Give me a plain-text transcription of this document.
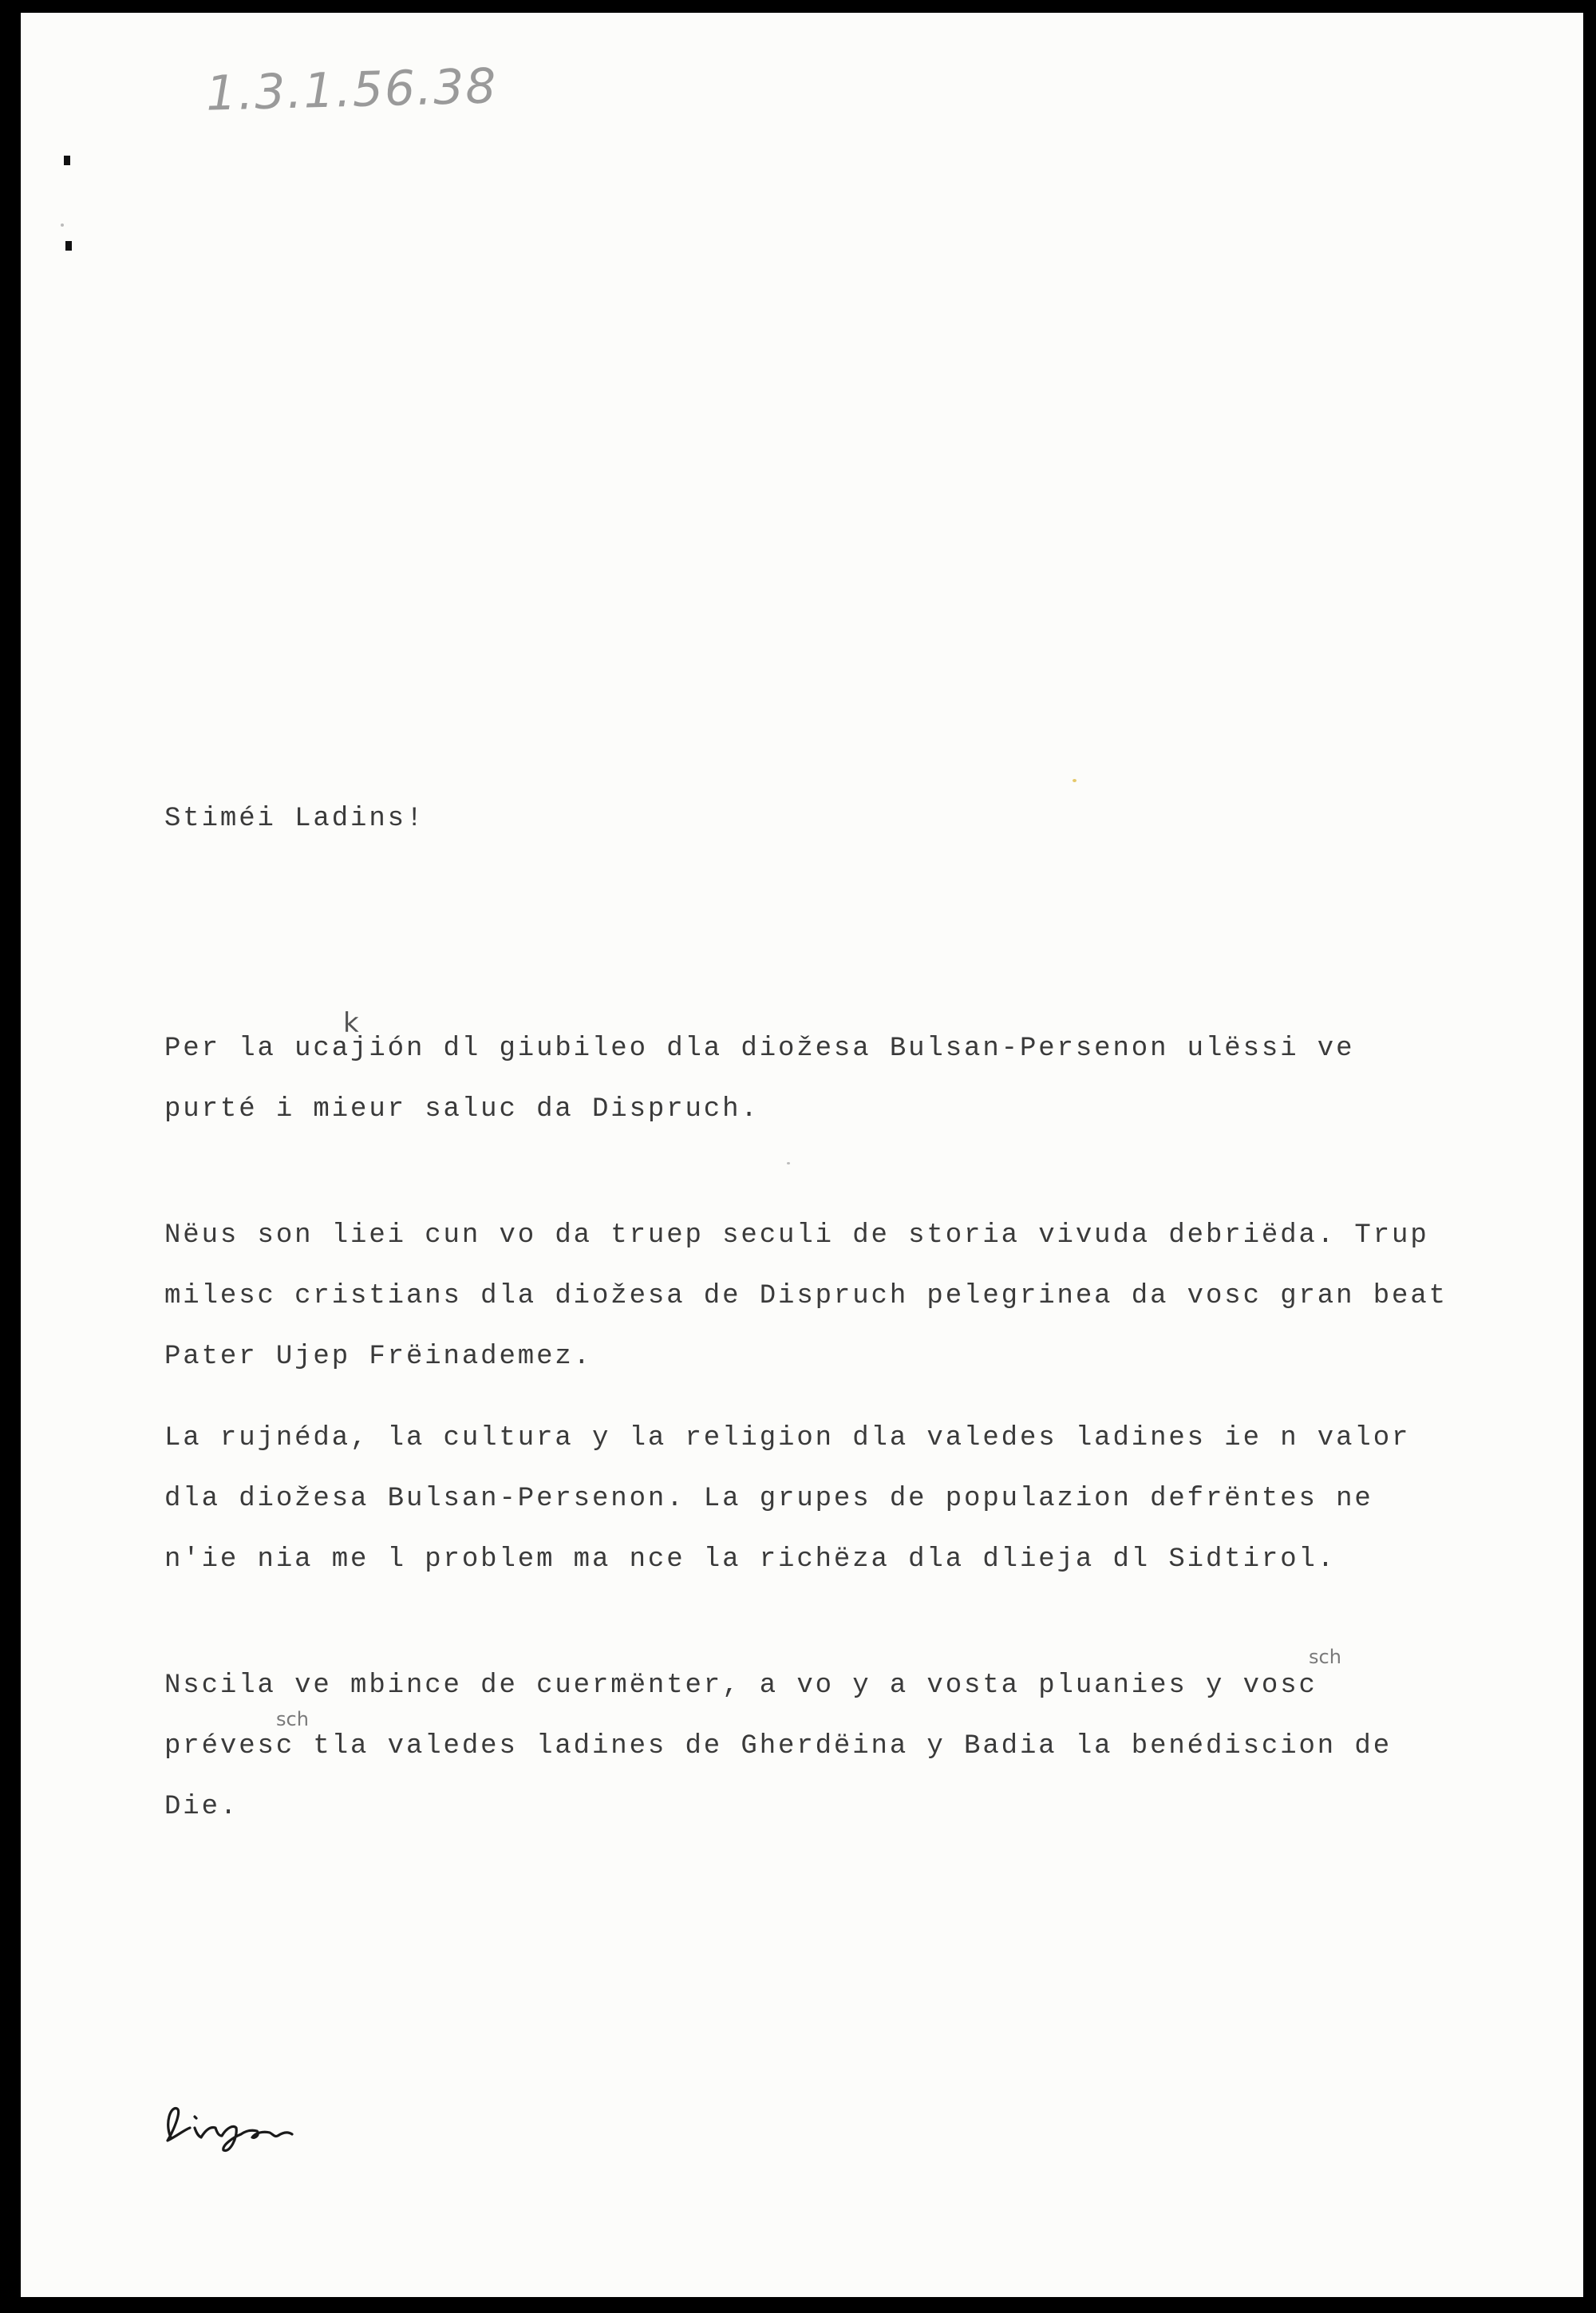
1.3.1.56.38
Stiméi Ladins!
k
Per la ucajión dl giubileo dla diožesa Bulsan-Persenon ulëssi ve
purté i mieur saluc da Dispruch.
Nëus son liei cun vo da truep seculi de storia vivuda debriëda. Trup
milesc cristians dla diožesa de Dispruch pelegrinea da vosc gran beat
Pater Ujep Frëinademez.
La rujnéda, la cultura y la religion dla valedes ladines ie n valor
dla diožesa Bulsan-Persenon. La grupes de populazion defrëntes ne
n'ie nia me l problem ma nce la richëza dla dlieja dl Sidtirol.
sch
Nscila ve mbince de cuermënter, a vo y a vosta pluanies y vosc
sch
prévesc tla valedes ladines de Gherdëina y Badia la benédiscion de
Die.
